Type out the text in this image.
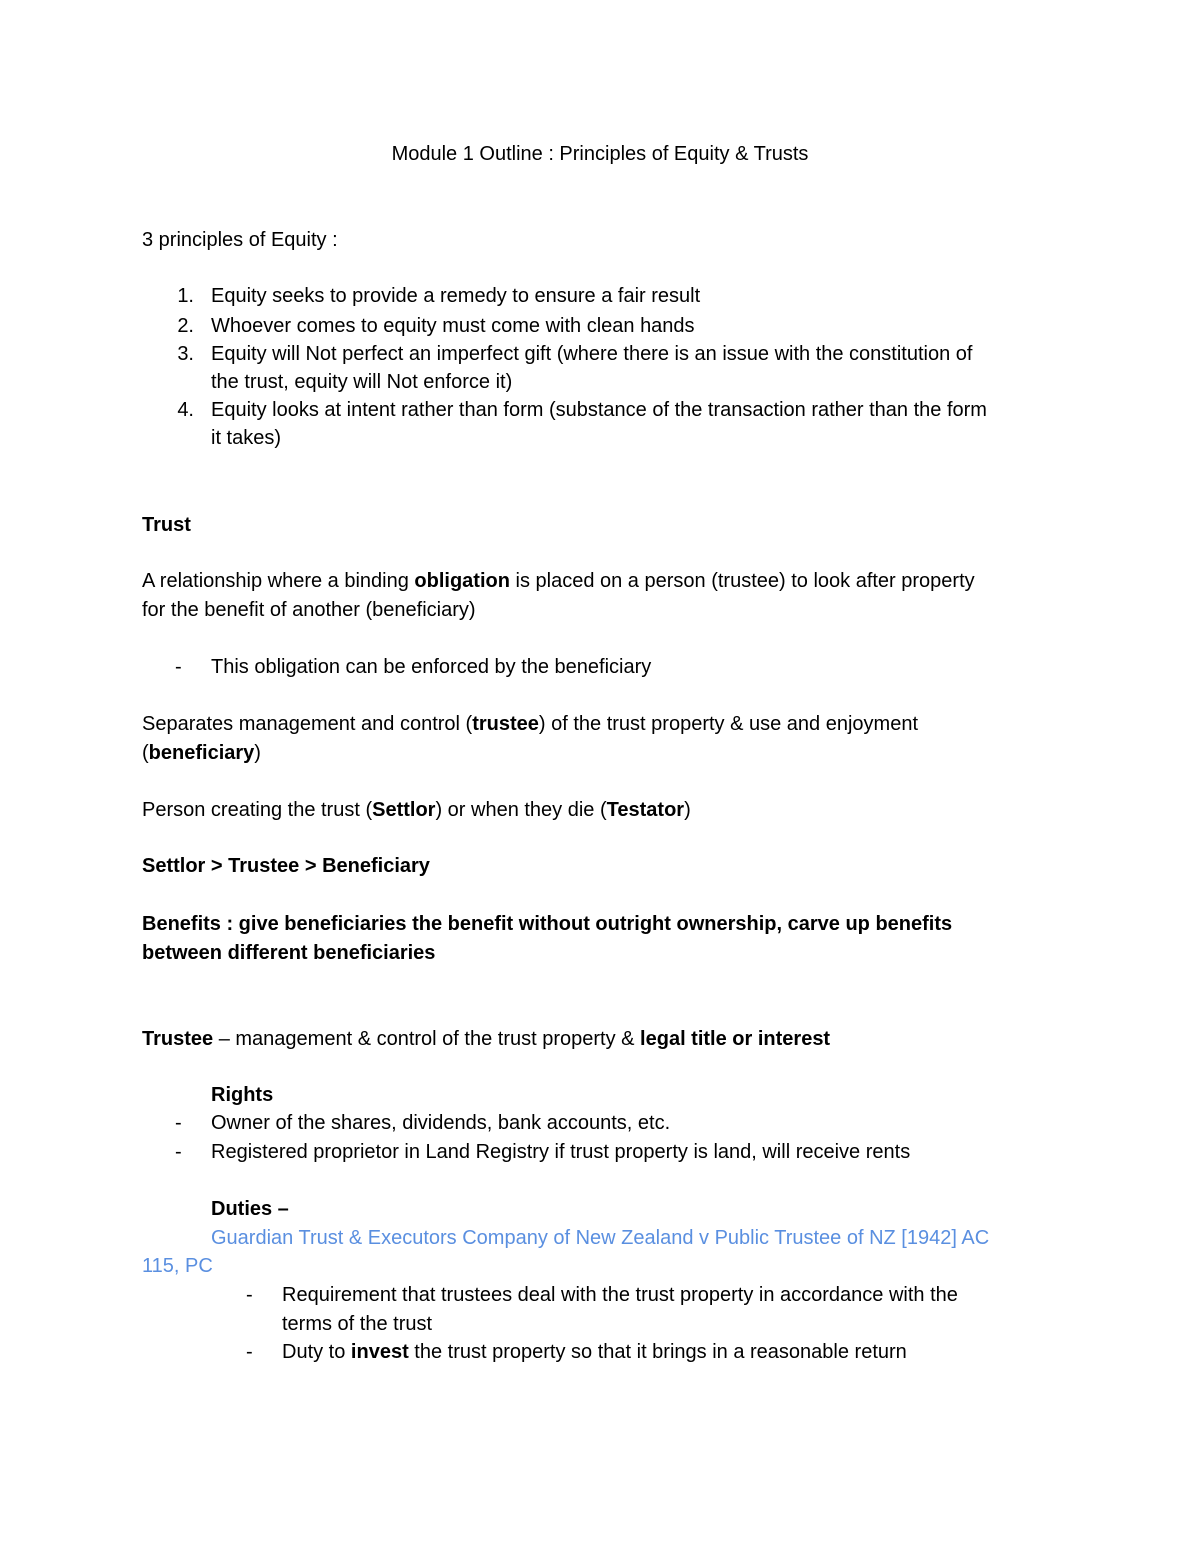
Module 1 Outline : Principles of Equity & Trusts

3 principles of Equity :

1. Equity seeks to provide a remedy to ensure a fair result

2. Whoever comes to equity must come with clean hands

3. Equity will Not perfect an imperfect gift (where there is an issue with the constitution of

the trust, equity will Not enforce it)

4. Equity looks at intent rather than form (substance of the transaction rather than the form

it takes)

Trust

A relationship where a binding obligation is placed on a person (trustee) to look after property

for the benefit of another (beneficiary)

- This obligation can be enforced by the beneficiary

Separates management and control (trustee) of the trust property & use and enjoyment

(beneficiary)

Person creating the trust (Settlor) or when they die (Testator)

Settlor > Trustee > Beneficiary

Benefits : give beneficiaries the benefit without outright ownership, carve up benefits

between different beneficiaries

Trustee – management & control of the trust property & legal title or interest

Rights

- Owner of the shares, dividends, bank accounts, etc.

- Registered proprietor in Land Registry if trust property is land, will receive rents

Duties –

Guardian Trust & Executors Company of New Zealand v Public Trustee of NZ [1942] AC

115, PC

- Requirement that trustees deal with the trust property in accordance with the

terms of the trust

- Duty to invest the trust property so that it brings in a reasonable return
